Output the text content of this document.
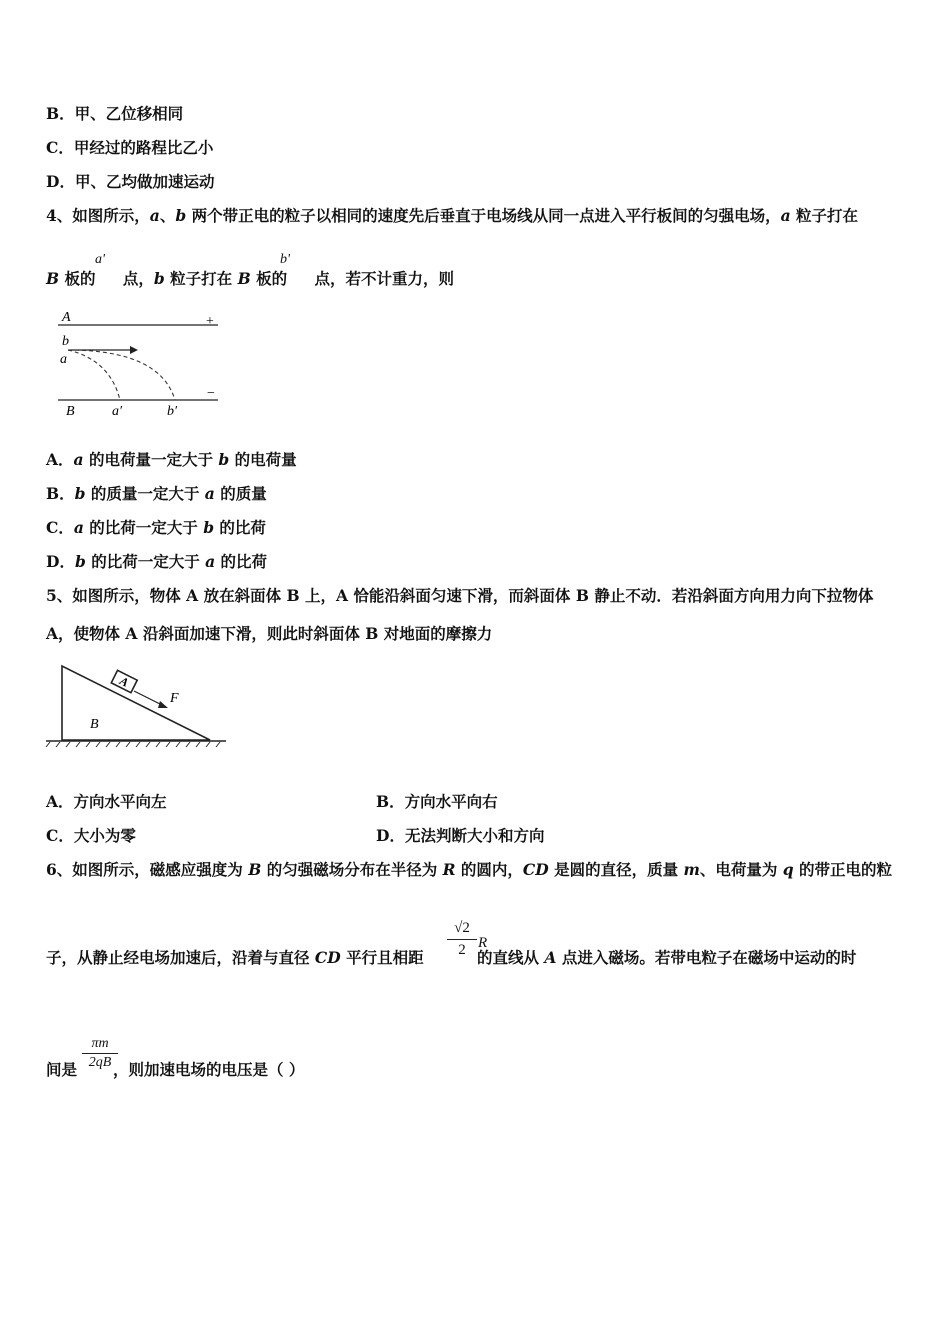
B．甲、乙位移相同
C．甲经过的路程比乙小
D．甲、乙均做加速运动
4、如图所示，a、b 两个带正电的粒子以相同的速度先后垂直于电场线从同一点进入平行板间的匀强电场，a 粒子打在
B 板的 点，b 粒子打在 B 板的 点，若不计重力，则
a'	b'
A	+
b
a
−
B	a′	b′
A．a 的电荷量一定大于 b 的电荷量
B．b 的质量一定大于 a 的质量
C．a 的比荷一定大于 b 的比荷
D．b 的比荷一定大于 a 的比荷
5、如图所示，物体 A 放在斜面体 B 上，A 恰能沿斜面匀速下滑，而斜面体 B 静止不动．若沿斜面方向用力向下拉物体
A，使物体 A 沿斜面加速下滑，则此时斜面体 B 对地面的摩擦力
A
F
B
A．方向水平向左	B．方向水平向右
C．大小为零	D．无法判断大小和方向
6、如图所示，磁感应强度为 B 的匀强磁场分布在半径为 R 的圆内，CD 是圆的直径，质量 m、电荷量为 q 的带正电的粒
子，从静止经电场加速后，沿着与直径 CD 平行且相距	的直线从 A 点进入磁场。若带电粒子在磁场中运动的时
$\frac{√2}{2}$ R
间是 ，则加速电场的电压是（ ）
$\frac{\pi m}{2qB}$
